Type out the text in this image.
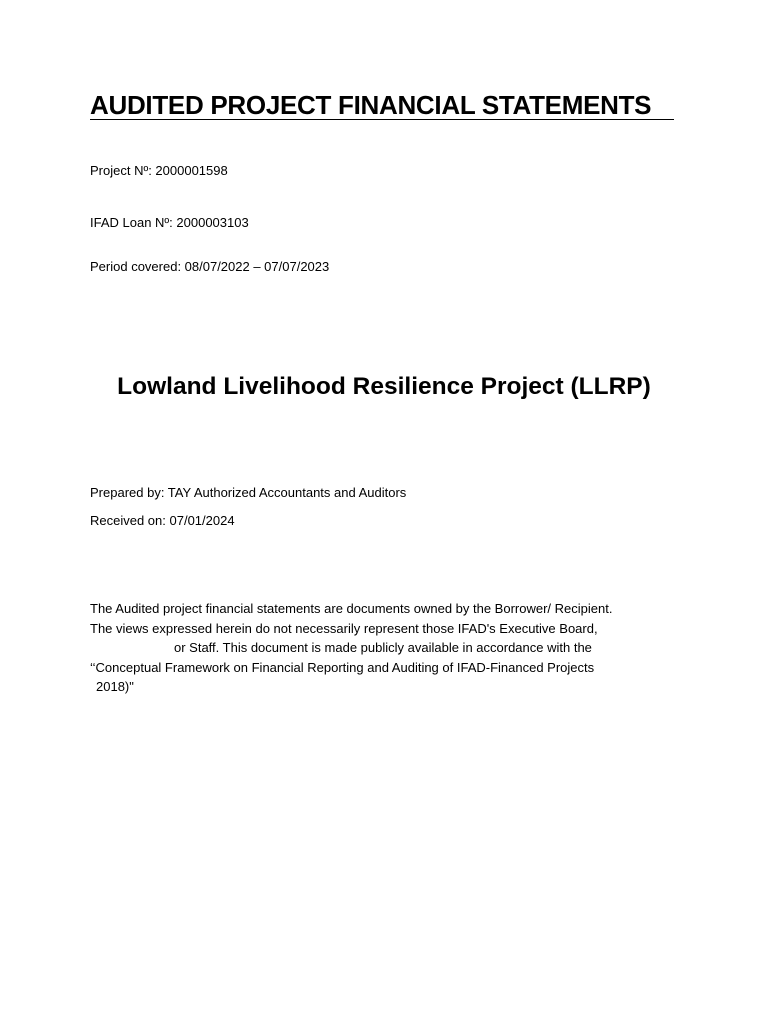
AUDITED PROJECT FINANCIAL STATEMENTS
Project Nº: 2000001598
IFAD Loan Nº: 2000003103
Period covered: 08/07/2022 – 07/07/2023
Lowland Livelihood Resilience Project (LLRP)
Prepared by: TAY Authorized Accountants and Auditors
Received on: 07/01/2024
The Audited project financial statements are documents owned by the Borrower/ Recipient.
The views expressed herein do not necessarily represent those IFAD's Executive Board,
or Staff. This document is made publicly available in accordance with the
‘‘Conceptual Framework on Financial Reporting and Auditing of IFAD-Financed Projects
2018)"
